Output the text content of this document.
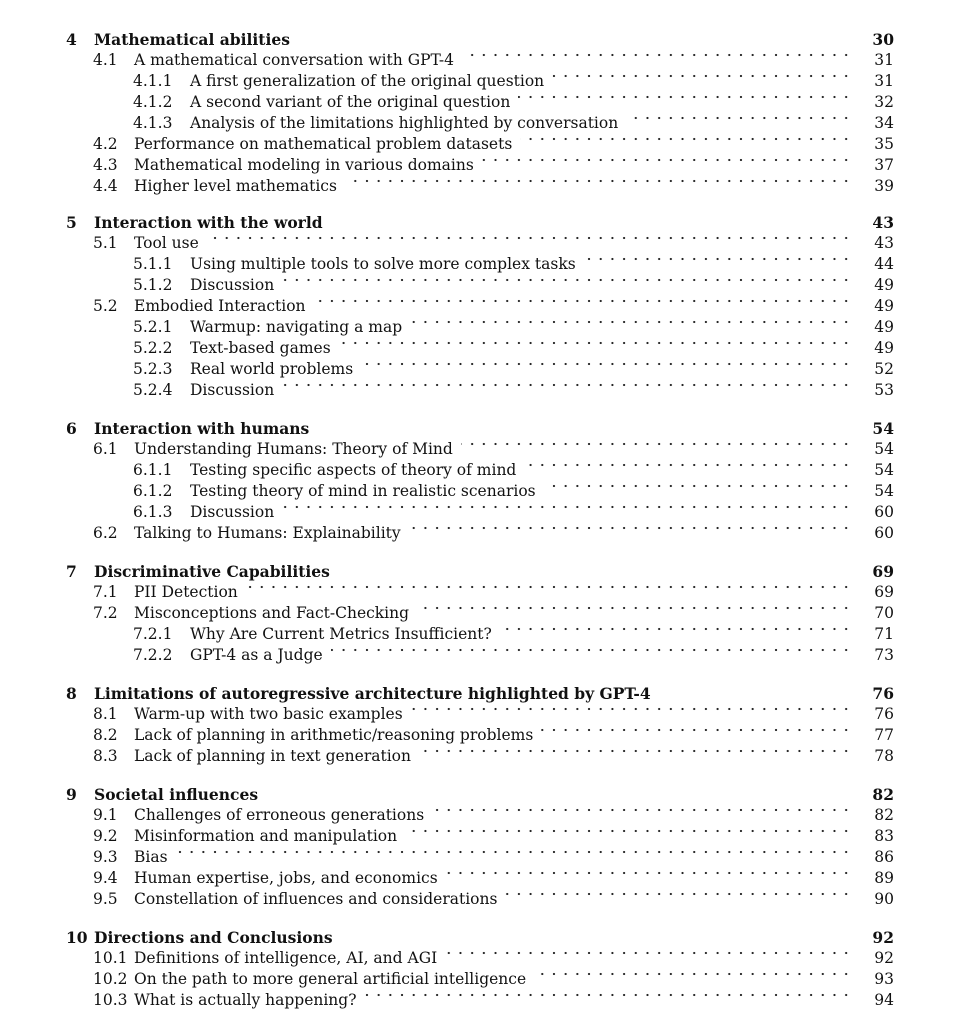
4 Mathematical abilities	30
4.1 A mathematical conversation with GPT-4	31
4.1.1 A first generalization of the original question	31
4.1.2 A second variant of the original question	32
4.1.3 Analysis of the limitations highlighted by conversation	34
4.2 Performance on mathematical problem datasets	35
4.3 Mathematical modeling in various domains	37
4.4 Higher level mathematics	39
5 Interaction with the world	43
5.1 Tool use	43
5.1.1 Using multiple tools to solve more complex tasks	44
5.1.2 Discussion	49
5.2 Embodied Interaction	49
5.2.1 Warmup: navigating a map	49
5.2.2 Text-based games	49
5.2.3 Real world problems	52
5.2.4 Discussion	53
6 Interaction with humans	54
6.1 Understanding Humans: Theory of Mind	54
6.1.1 Testing specific aspects of theory of mind	54
6.1.2 Testing theory of mind in realistic scenarios	54
6.1.3 Discussion	60
6.2 Talking to Humans: Explainability	60
7 Discriminative Capabilities	69
7.1 PII Detection	69
7.2 Misconceptions and Fact-Checking	70
7.2.1 Why Are Current Metrics Insufficient?	71
7.2.2 GPT-4 as a Judge	73
8 Limitations of autoregressive architecture highlighted by GPT-4	76
8.1 Warm-up with two basic examples	76
8.2 Lack of planning in arithmetic/reasoning problems	77
8.3 Lack of planning in text generation	78
9 Societal influences	82
9.1 Challenges of erroneous generations	82
9.2 Misinformation and manipulation	83
9.3 Bias	86
9.4 Human expertise, jobs, and economics	89
9.5 Constellation of influences and considerations	90
10 Directions and Conclusions	92
10.1 Definitions of intelligence, AI, and AGI	92
10.2 On the path to more general artificial intelligence	93
10.3 What is actually happening?	94
